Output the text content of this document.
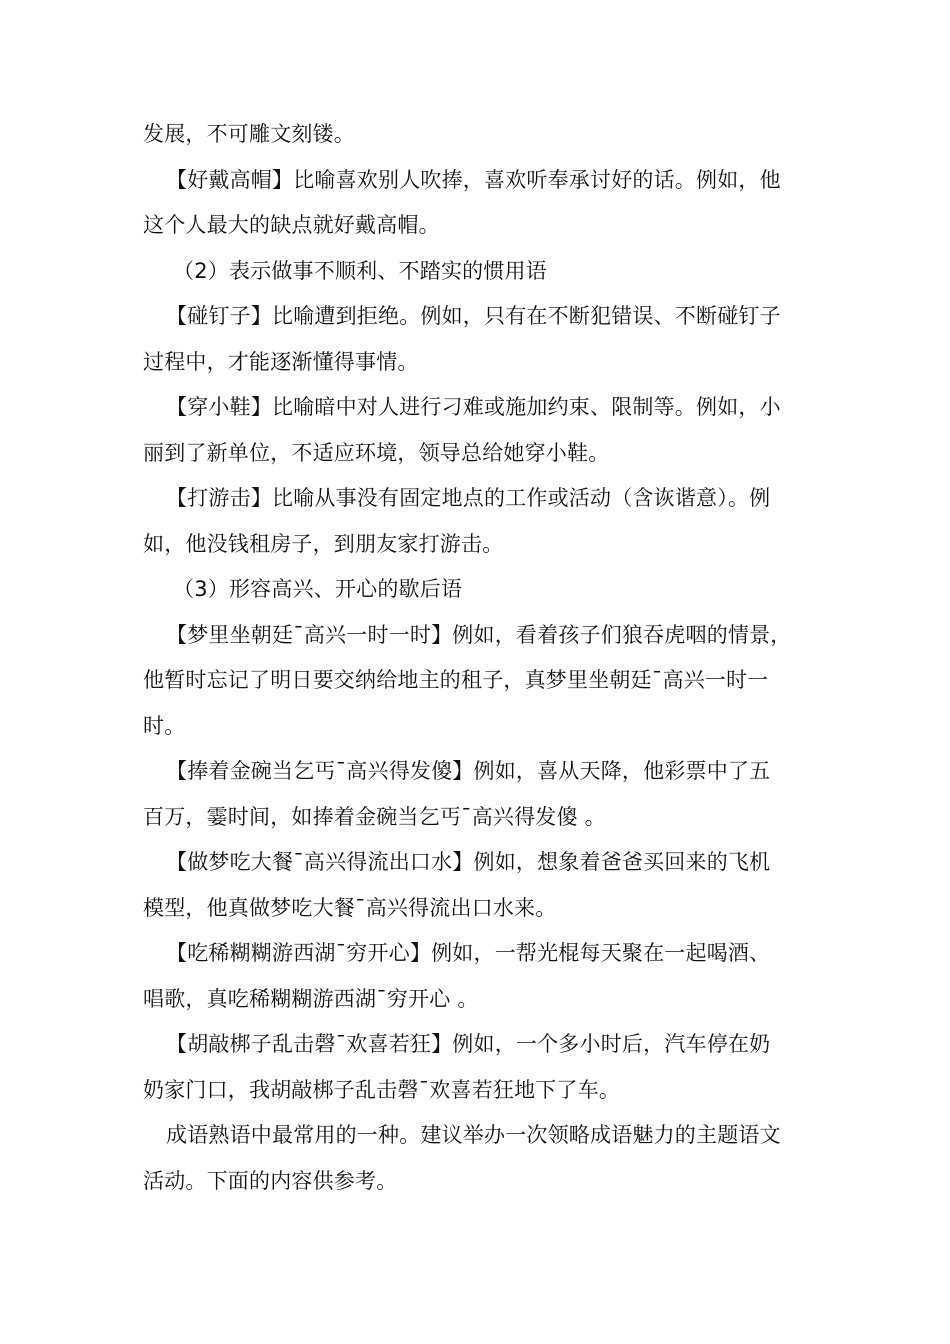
发展，不可雕文刻镂。
【好戴高帽】比喻喜欢别人吹捧，喜欢听奉承讨好的话。例如，他
这个人最大的缺点就好戴高帽。
（2）表示做事不顺利、不踏实的惯用语
【碰钉子】比喻遭到拒绝。例如，只有在不断犯错误、不断碰钉子
过程中，才能逐渐懂得事情。
【穿小鞋】比喻暗中对人进行刁难或施加约束、限制等。例如，小
丽到了新单位，不适应环境，领导总给她穿小鞋。
【打游击】比喻从事没有固定地点的工作或活动（含诙谐意）。例
如，他没钱租房子，到朋友家打游击。
（3）形容高兴、开心的歇后语
【梦里坐朝廷¯高兴一时一时】例如，看着孩子们狼吞虎咽的情景，
他暂时忘记了明日要交纳给地主的租子，真梦里坐朝廷¯高兴一时一
时。
【捧着金碗当乞丐¯高兴得发傻】例如，喜从天降，他彩票中了五
百万，霎时间，如捧着金碗当乞丐¯高兴得发傻 。
【做梦吃大餐¯高兴得流出口水】例如，想象着爸爸买回来的飞机
模型，他真做梦吃大餐¯高兴得流出口水来。
【吃稀糊糊游西湖¯穷开心】例如，一帮光棍每天聚在一起喝酒、
唱歌，真吃稀糊糊游西湖¯穷开心 。
【胡敲梆子乱击磬¯欢喜若狂】例如，一个多小时后，汽车停在奶
奶家门口，我胡敲梆子乱击磬¯欢喜若狂地下了车。
成语熟语中最常用的一种。建议举办一次领略成语魅力的主题语文
活动。下面的内容供参考。
